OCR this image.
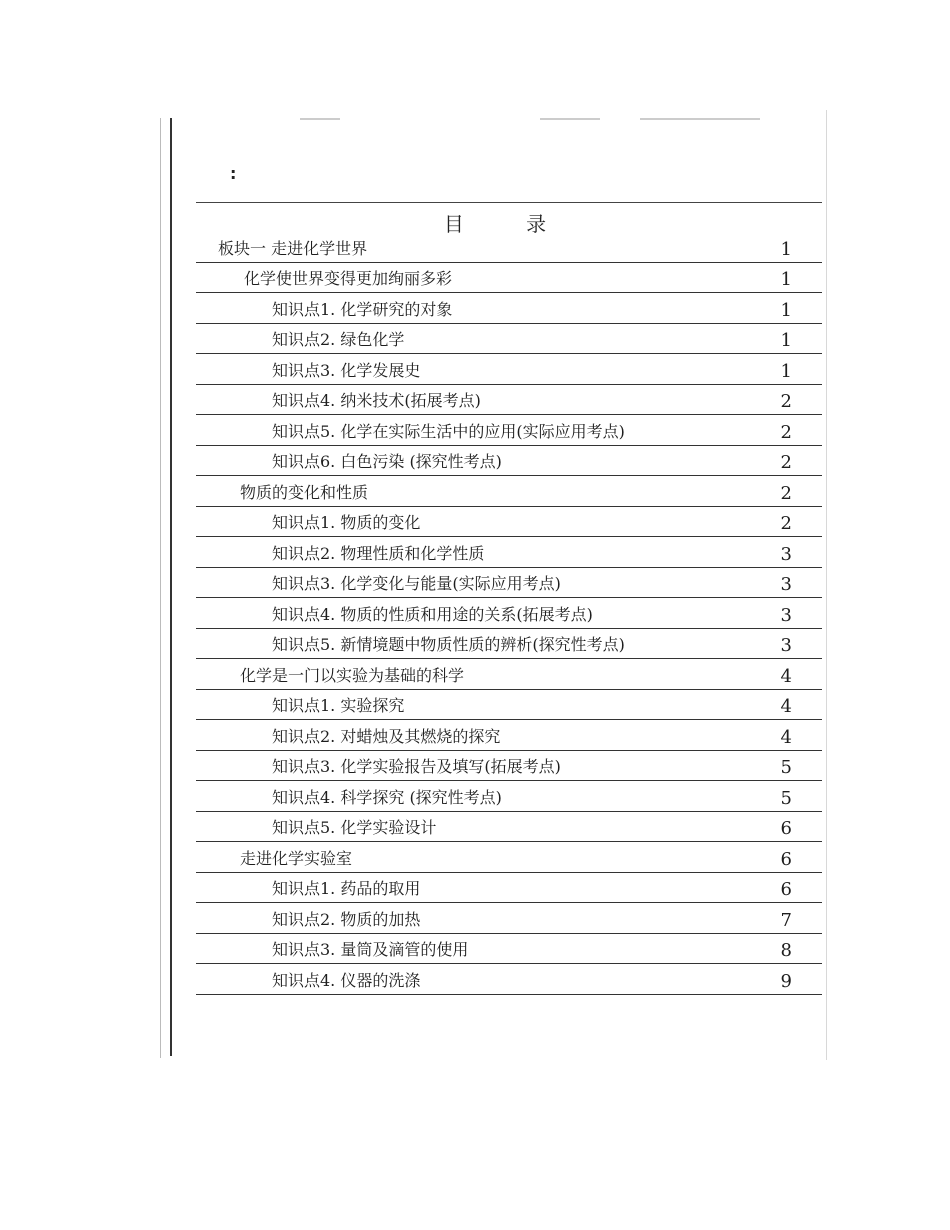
:
目 录
板块一 走进化学世界	1
化学使世界变得更加绚丽多彩	1
知识点1. 化学研究的对象	1
知识点2. 绿色化学	1
知识点3. 化学发展史	1
知识点4. 纳米技术(拓展考点)	2
知识点5. 化学在实际生活中的应用(实际应用考点)	2
知识点6. 白色污染 (探究性考点)	2
物质的变化和性质	2
知识点1. 物质的变化	2
知识点2. 物理性质和化学性质	3
知识点3. 化学变化与能量(实际应用考点)	3
知识点4. 物质的性质和用途的关系(拓展考点)	3
知识点5. 新情境题中物质性质的辨析(探究性考点)	3
化学是一门以实验为基础的科学	4
知识点1. 实验探究	4
知识点2. 对蜡烛及其燃烧的探究	4
知识点3. 化学实验报告及填写(拓展考点)	5
知识点4. 科学探究 (探究性考点)	5
知识点5. 化学实验设计	6
走进化学实验室	6
知识点1. 药品的取用	6
知识点2. 物质的加热	7
知识点3. 量筒及滴管的使用	8
知识点4. 仪器的洗涤	9
